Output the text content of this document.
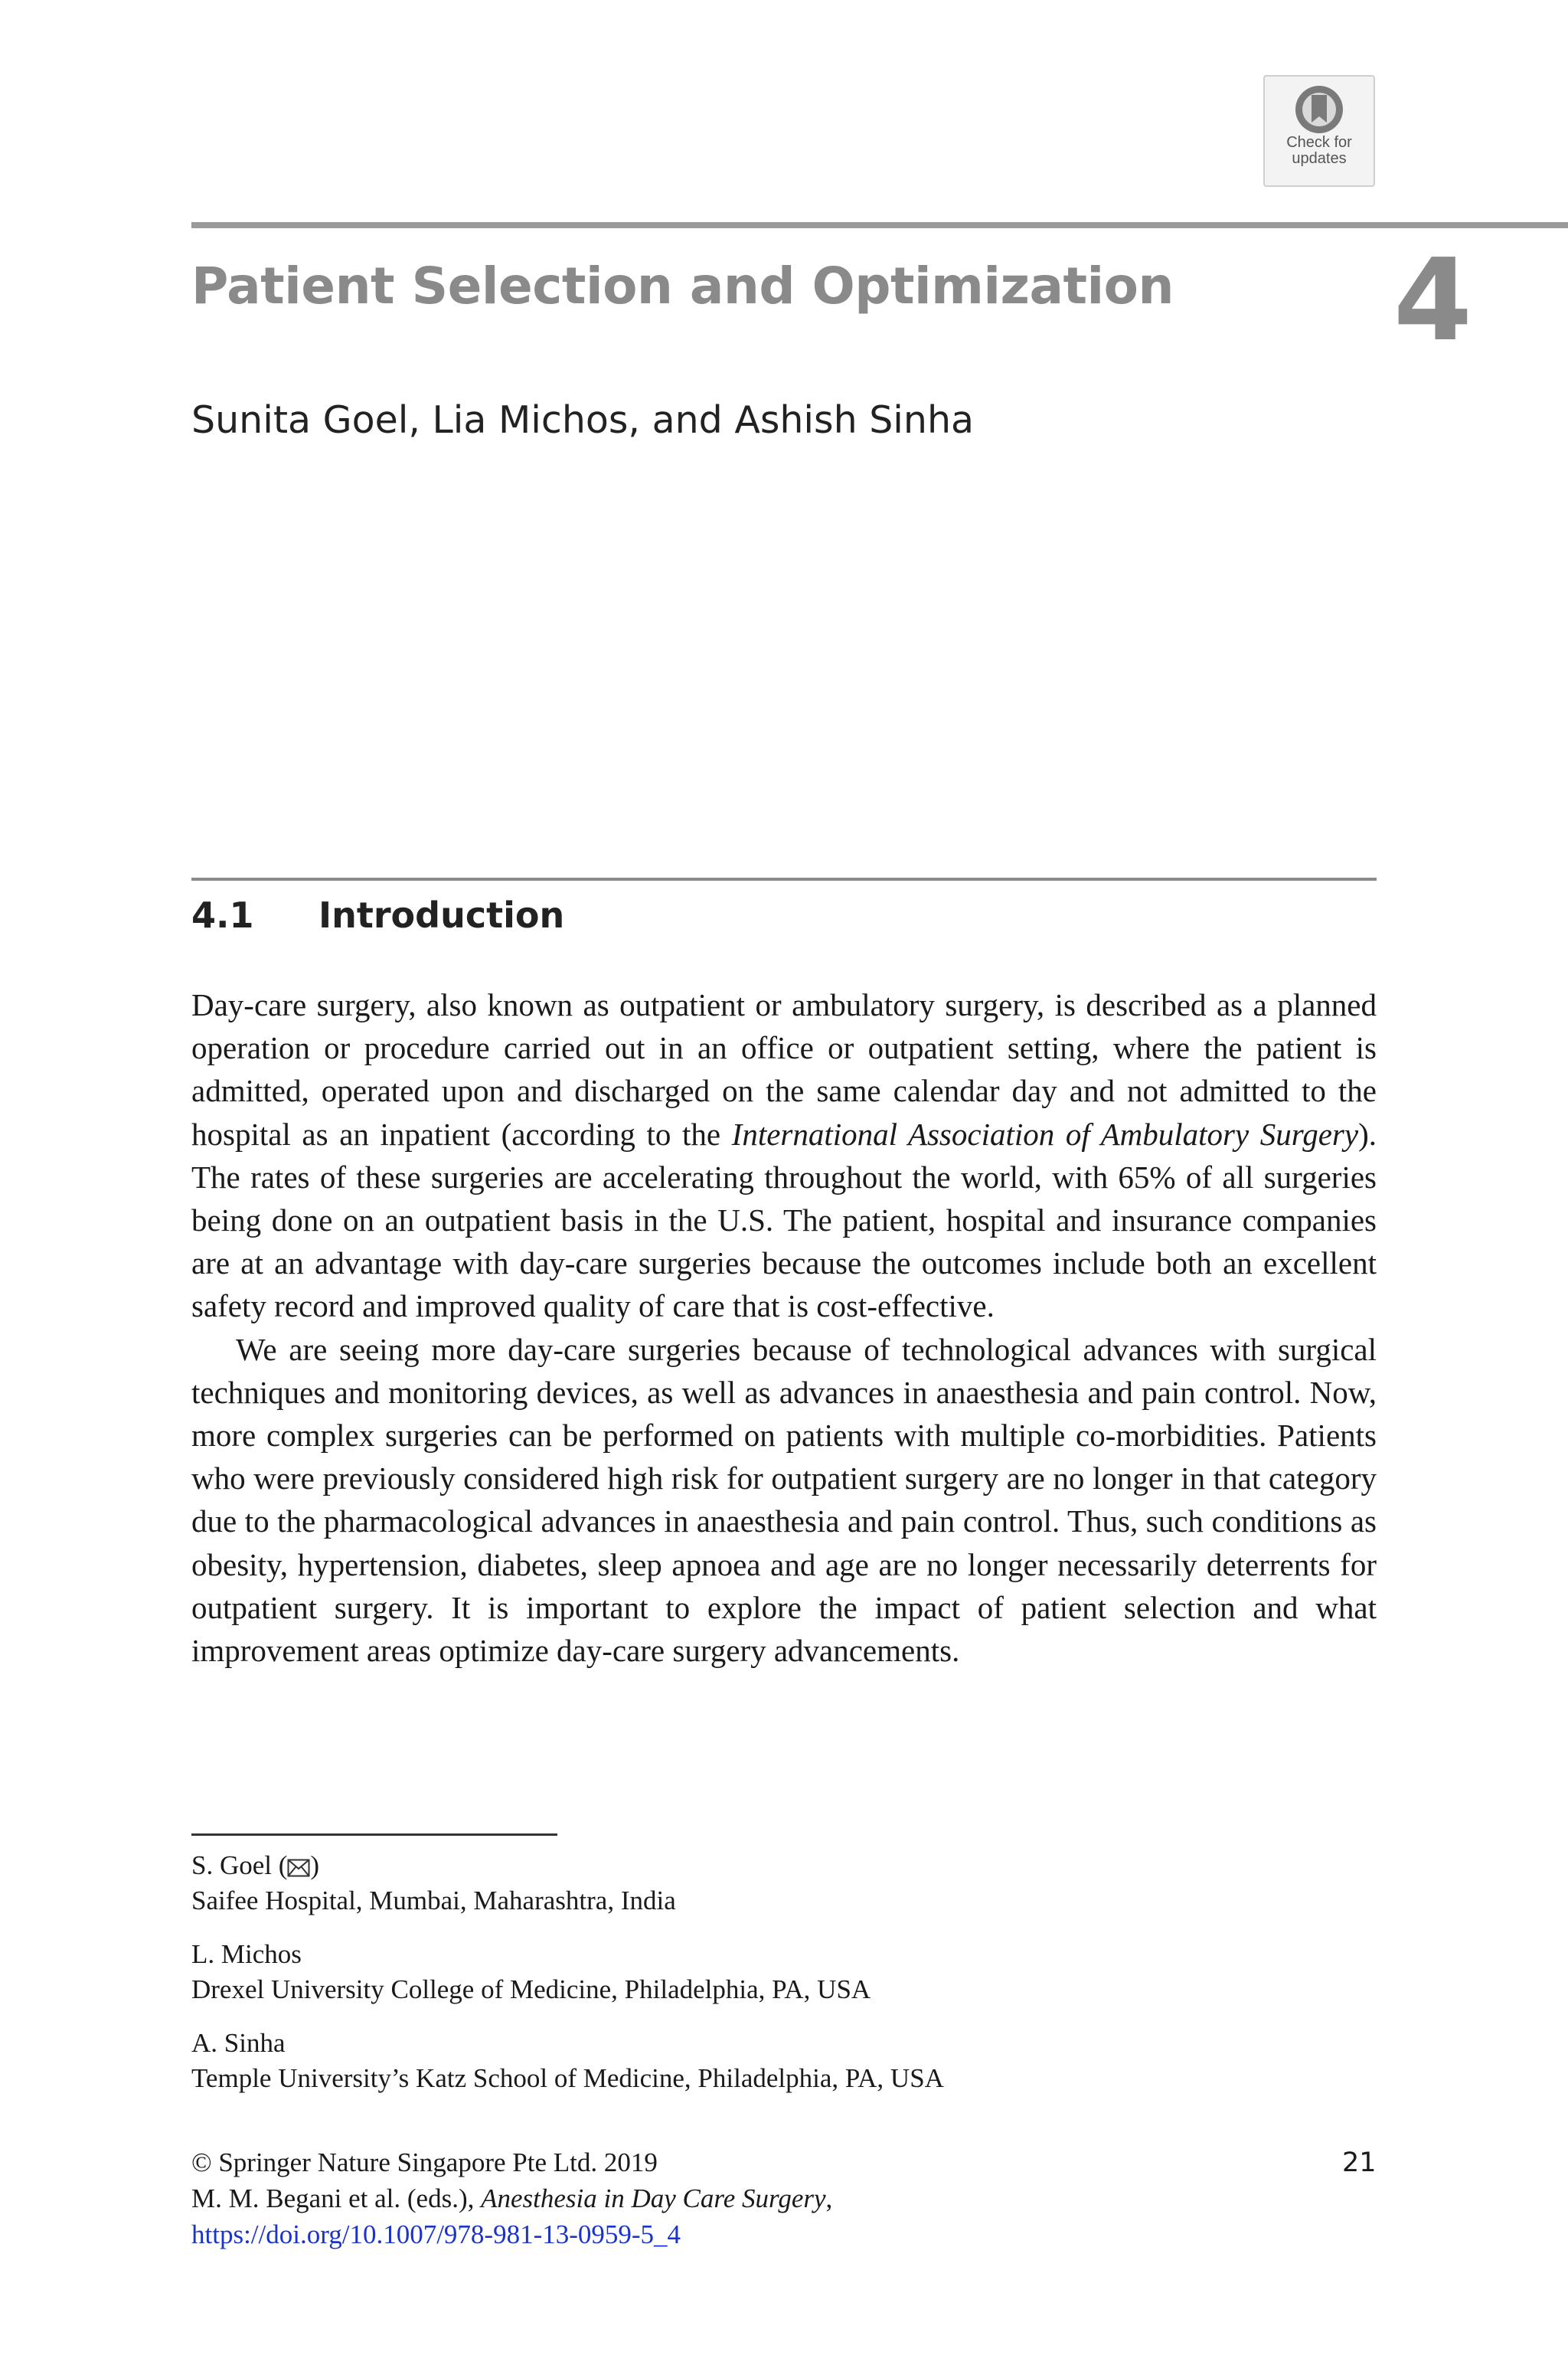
Check for
updates
Patient Selection and Optimization 4
Sunita Goel, Lia Michos, and Ashish Sinha
4.1 Introduction

Day-care surgery, also known as outpatient or ambulatory surgery, is described as a planned operation or procedure carried out in an office or outpatient setting, where the patient is admitted, operated upon and discharged on the same calendar day and not admitted to the hospital as an inpatient (according to the International Association of Ambulatory Surgery). The rates of these surgeries are accelerating throughout the world, with 65% of all surgeries being done on an outpatient basis in the U.S. The patient, hospital and insurance companies are at an advantage with day-care surgeries because the outcomes include both an excellent safety record and improved quality of care that is cost-effective.

We are seeing more day-care surgeries because of technological advances with surgical techniques and monitoring devices, as well as advances in anaesthesia and pain control. Now, more complex surgeries can be performed on patients with multiple co-morbidities. Patients who were previously considered high risk for outpatient surgery are no longer in that category due to the pharmacological advances in anaesthesia and pain control. Thus, such conditions as obesity, hypertension, diabetes, sleep apnoea and age are no longer necessarily deterrents for outpatient surgery. It is important to explore the impact of patient selection and what improvement areas optimize day-care surgery advancements.

S. Goel ( )
Saifee Hospital, Mumbai, Maharashtra, India
L. Michos
Drexel University College of Medicine, Philadelphia, PA, USA
A. Sinha
Temple University’s Katz School of Medicine, Philadelphia, PA, USA
© Springer Nature Singapore Pte Ltd. 2019
M. M. Begani et al. (eds.), Anesthesia in Day Care Surgery,
https://doi.org/10.1007/978-981-13-0959-5_4
21
